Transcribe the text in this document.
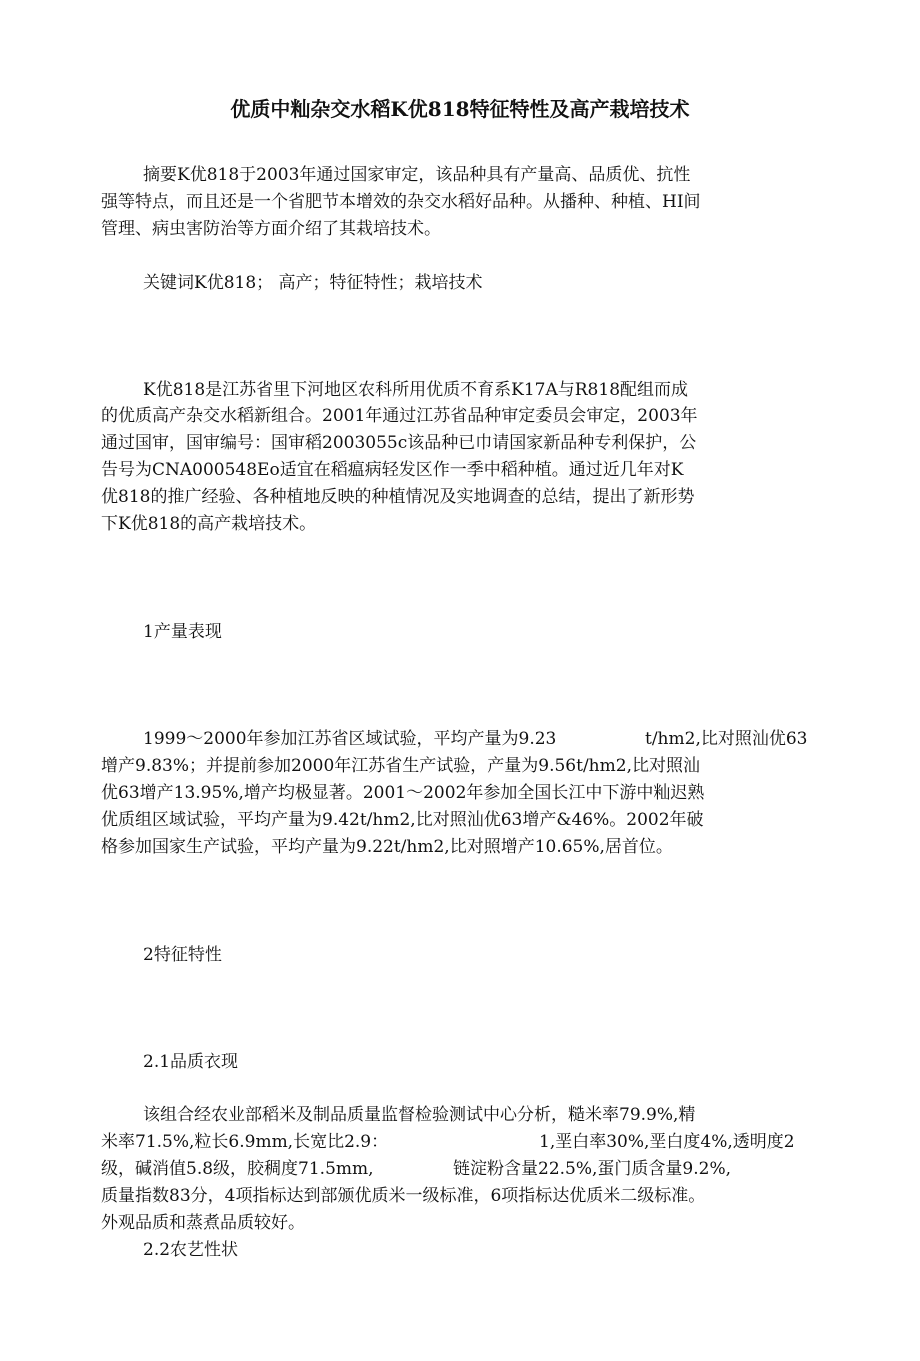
优质中籼杂交水稻K优818特征特性及高产栽培技术

摘要K优818于2003年通过国家审定，该品种具有产量高、品质优、抗性

强等特点，而且还是一个省肥节本增效的杂交水稻好品种。从播种、种植、HI间

管理、病虫害防治等方面介绍了其栽培技术。

关键词K优818； 高产；特征特性；栽培技术

K优818是江苏省里下河地区农科所用优质不育系K17A与R818配组而成

的优质高产杂交水稻新组合。2001年通过江苏省品种审定委员会审定，2003年

通过国审，国审编号：国审稻2003055c该品种已巾请国家新品种专利保护，公

告号为CNA000548Eo适宜在稻瘟病轻发区作一季中稻种植。通过近几年对K

优818的推广经验、各种植地反映的种植情况及实地调查的总结，提出了新形势

下K优818的高产栽培技术。

1产量表现

1999～2000年参加江苏省区域试验，平均产量为9.23	t/hm2,比对照汕优63

增产9.83%；并提前参加2000年江苏省生产试验，产量为9.56t/hm2,比对照汕

优63增产13.95%,增产均极显著。2001～2002年参加全国长江中下游中籼迟熟

优质组区域试验，平均产量为9.42t/hm2,比对照汕优63增产&46%。2002年破

格参加国家生产试验，平均产量为9.22t/hm2,比对照增产10.65%,居首位。

2特征特性

2.1品质衣现

该组合经农业部稻米及制品质量监督检验测试中心分析，糙米率79.9%,精

米率71.5%,粒长6.9mm,长宽比2.9：	1,垩白率30%,垩白度4%,透明度2

级，碱消值5.8级，胶稠度71.5mm,	链淀粉含量22.5%,蛋门质含量9.2%,

质量指数83分，4项指标达到部颁优质米一级标准，6项指标达优质米二级标准。

外观品质和蒸煮品质较好。

2.2农艺性状
